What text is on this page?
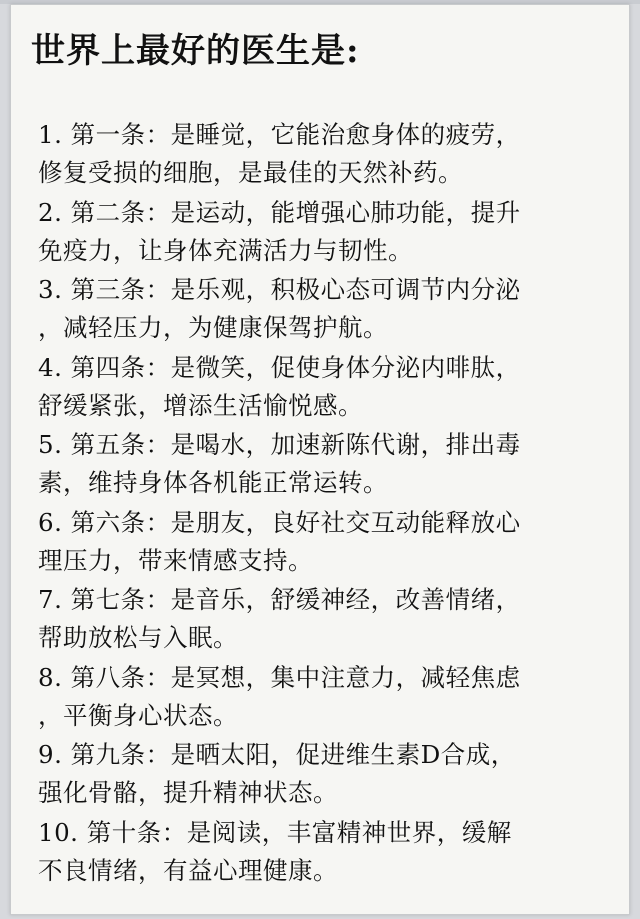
世界上最好的医生是:
1. 第一条：是睡觉，它能治愈身体的疲劳，
修复受损的细胞，是最佳的天然补药。
2. 第二条：是运动，能增强心肺功能，提升
免疫力，让身体充满活力与韧性。
3. 第三条：是乐观，积极心态可调节内分泌
，减轻压力，为健康保驾护航。
4. 第四条：是微笑，促使身体分泌内啡肽，
舒缓紧张，增添生活愉悦感。
5. 第五条：是喝水，加速新陈代谢，排出毒
素，维持身体各机能正常运转。
6. 第六条：是朋友，良好社交互动能释放心
理压力，带来情感支持。
7. 第七条：是音乐，舒缓神经，改善情绪，
帮助放松与入眠。
8. 第八条：是冥想，集中注意力，减轻焦虑
，平衡身心状态。
9. 第九条：是晒太阳，促进维生素D合成，
强化骨骼，提升精神状态。
10. 第十条：是阅读，丰富精神世界，缓解
不良情绪，有益心理健康。
